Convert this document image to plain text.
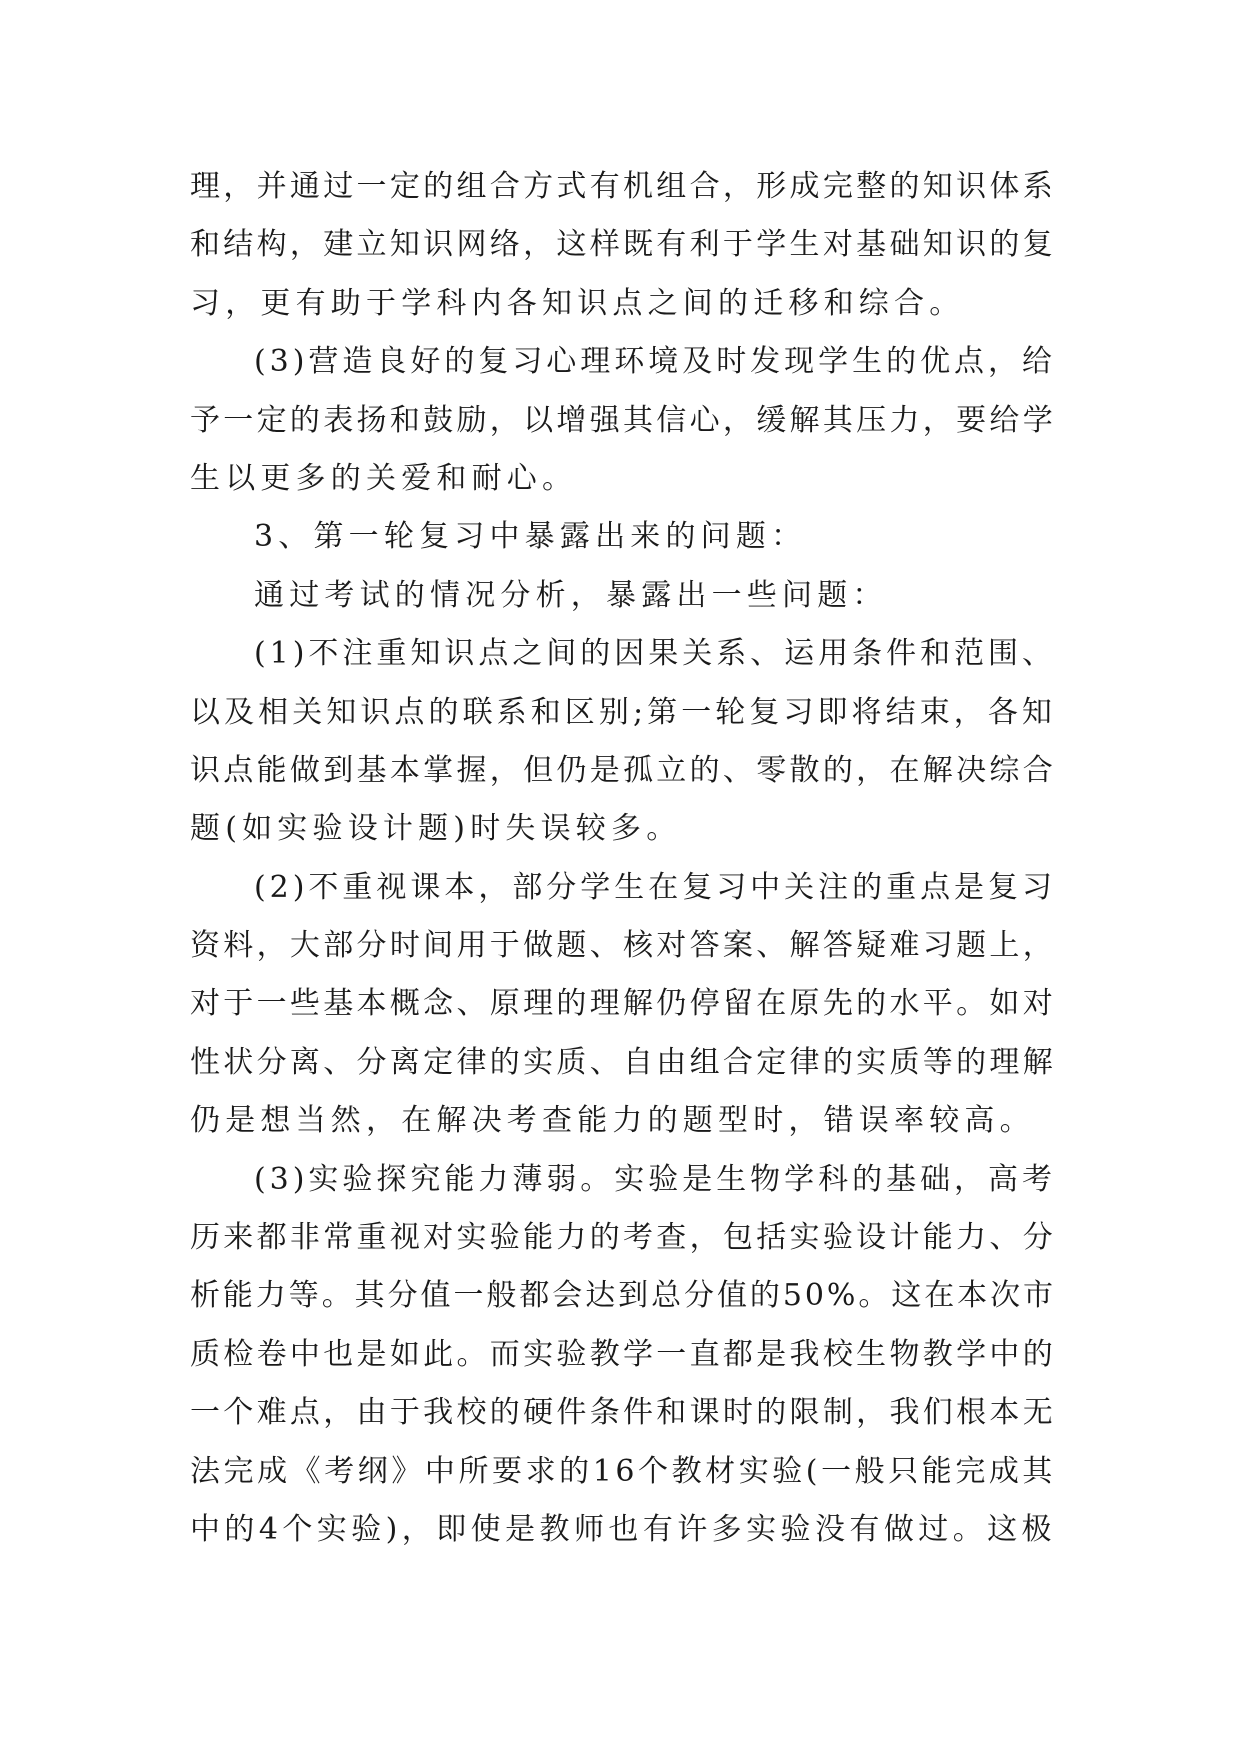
理，并通过一定的组合方式有机组合，形成完整的知识体系
和结构，建立知识网络，这样既有利于学生对基础知识的复
习，更有助于学科内各知识点之间的迁移和综合。
(3)营造良好的复习心理环境及时发现学生的优点，给
予一定的表扬和鼓励，以增强其信心，缓解其压力，要给学
生以更多的关爱和耐心。
3、第一轮复习中暴露出来的问题：
通过考试的情况分析，暴露出一些问题：
(1)不注重知识点之间的因果关系、运用条件和范围、
以及相关知识点的联系和区别;第一轮复习即将结束，各知
识点能做到基本掌握，但仍是孤立的、零散的，在解决综合
题(如实验设计题)时失误较多。
(2)不重视课本，部分学生在复习中关注的重点是复习
资料，大部分时间用于做题、核对答案、解答疑难习题上，
对于一些基本概念、原理的理解仍停留在原先的水平。如对
性状分离、分离定律的实质、自由组合定律的实质等的理解
仍是想当然，在解决考查能力的题型时，错误率较高。
(3)实验探究能力薄弱。实验是生物学科的基础，高考
历来都非常重视对实验能力的考查，包括实验设计能力、分
析能力等。其分值一般都会达到总分值的50%。这在本次市
质检卷中也是如此。而实验教学一直都是我校生物教学中的
一个难点，由于我校的硬件条件和课时的限制，我们根本无
法完成《考纲》中所要求的16个教材实验(一般只能完成其
中的4个实验)，即使是教师也有许多实验没有做过。这极
